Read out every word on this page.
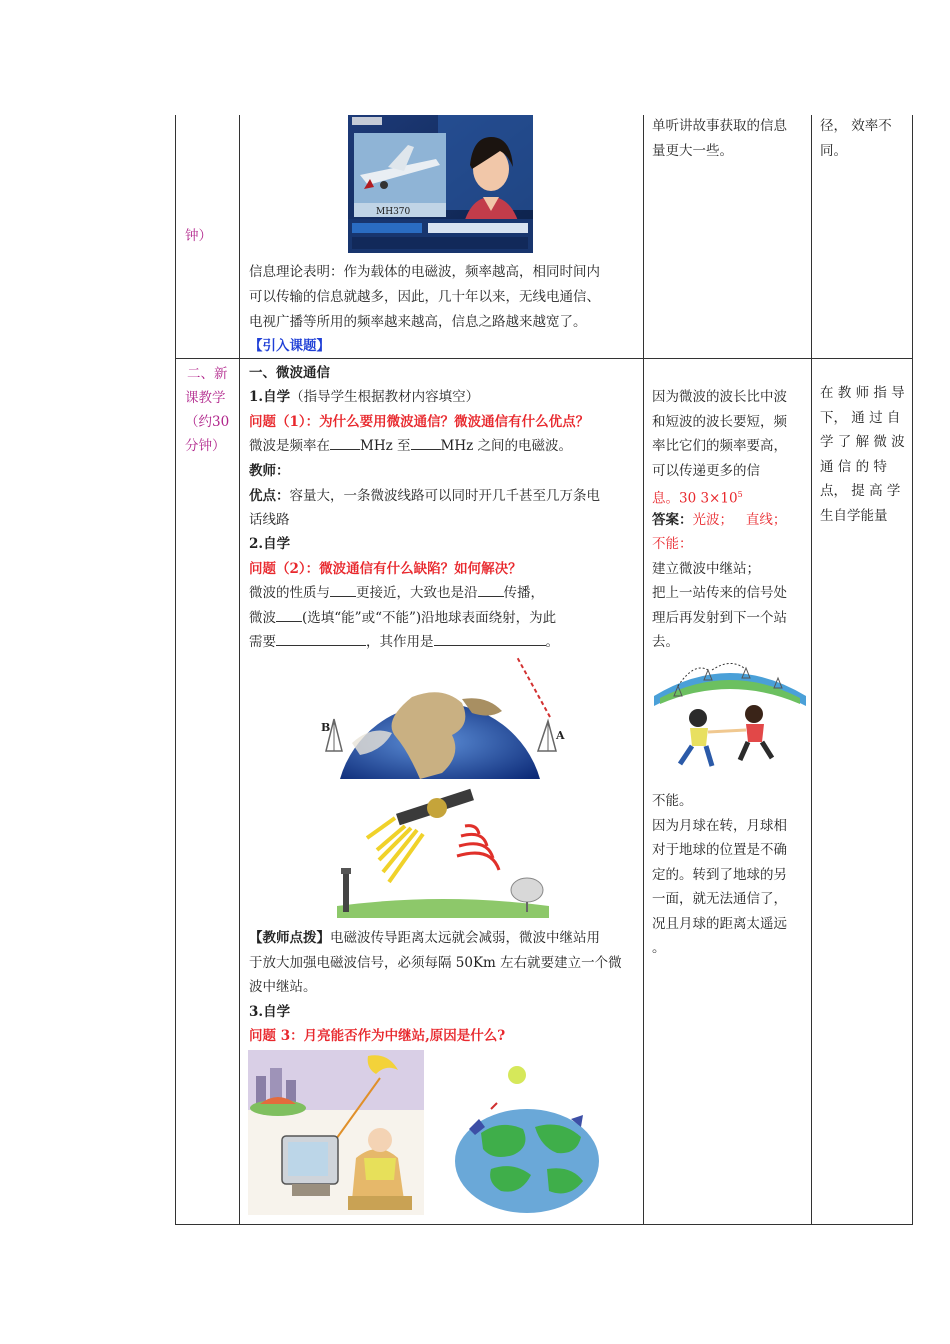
钟）
二、新
课教学
（约30
分钟）
MH370
信息理论表明：作为载体的电磁波，频率越高，相同时间内
可以传输的信息就越多，因此，几十年以来，无线电通信、
电视广播等所用的频率越来越高，信息之路越来越宽了。
【引入课题】
一、微波通信
1.自学（指导学生根据教材内容填空）
问题（1）：为什么要用微波通信？微波通信有什么优点？
微波是频率在 MHz 至 MHz 之间的电磁波。
教师：
优点：容量大，一条微波线路可以同时开几千甚至几万条电
话线路
2.自学
问题（2）：微波通信有什么缺陷？如何解决？
微波的性质与 更接近，大致也是沿 传播，
微波 (选填“能”或“不能”)沿地球表面绕射，为此
需要	，其作用是	。
B
A
【教师点拨】电磁波传导距离太远就会减弱，微波中继站用
于放大加强电磁波信号，必须每隔 50Km 左右就要建立一个微
波中继站。
3.自学
问题 3：月亮能否作为中继站,原因是什么?
单听讲故事获取的信息
量更大一些。
因为微波的波长比中波
和短波的波长要短，频
率比它们的频率要高，
可以传递更多的信
息。30 $3\times 10^5$
答案：光波； 直线；
不能：
建立微波中继站；
把上一站传来的信号处
理后再发射到下一个站
去。
不能。
因为月球在转，月球相
对于地球的位置是不确
定的。转到了地球的另
一面，就无法通信了，
况且月球的距离太遥远
。
径， 效率不
同。
在 教 师 指 导
下， 通 过 自
学 了 解 微 波
通 信 的 特
点， 提 高 学
生自学能量
